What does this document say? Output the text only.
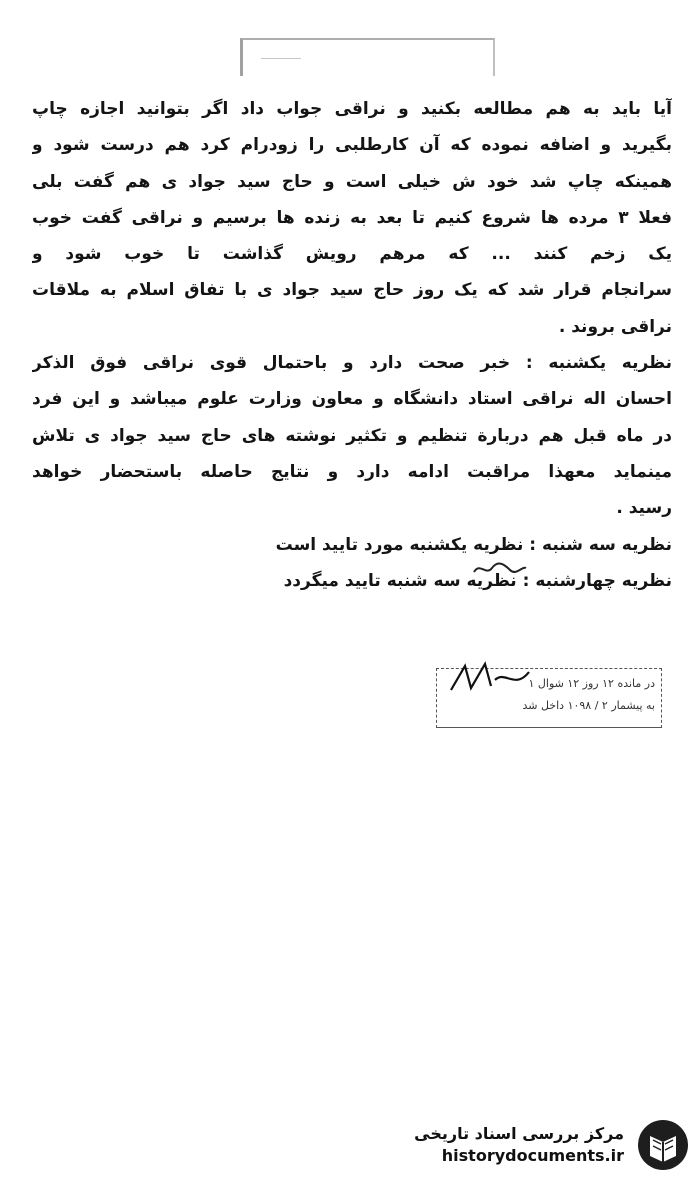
آیا باید به هم مطالعه بکنید و نراقی جواب داد اگر بتوانید اجازه چاپ
بگیرید و اضافه نموده که آن کارطلبی را زودرام کرد هم درست شود و
همینکه چاپ شد خود ش خیلی است و حاج سید جواد ی هم گفت بلی
فعلا ۳ مرده ها شروع کنیم تا بعد به زنده ها برسیم و نراقی گفت خوب
یک زخم کنند ... که مرهم رویش گذاشت تا خوب شود و
سرانجام قرار شد که یک روز حاج سید جواد ی با تفاق اسلام به ملاقات
نراقی بروند .
نظریه یکشنبه : خبر صحت دارد و باحتمال قوی نراقی فوق الذکر
احسان اله نراقی استاد دانشگاه و معاون وزارت علوم میباشد و این فرد
در ماه قبل هم دربارة تنظیم و تکثیر نوشته های حاج سید جواد ی تلاش
مینماید معهذا مراقبت ادامه دارد و نتایج حاصله باستحضار خواهد
رسید .
نظریه سه شنبه : نظریه یکشنبه مورد تایید است
نظریه چهارشنبه : نظریه سه شنبه تایید میگردد
در مانده ۱۲ روز ۱۲ شوال ۱
به پیشمار ۲ / ۱۰۹۸ داخل شد
مرکز بررسی اسناد تاریخی
historydocuments.ir
